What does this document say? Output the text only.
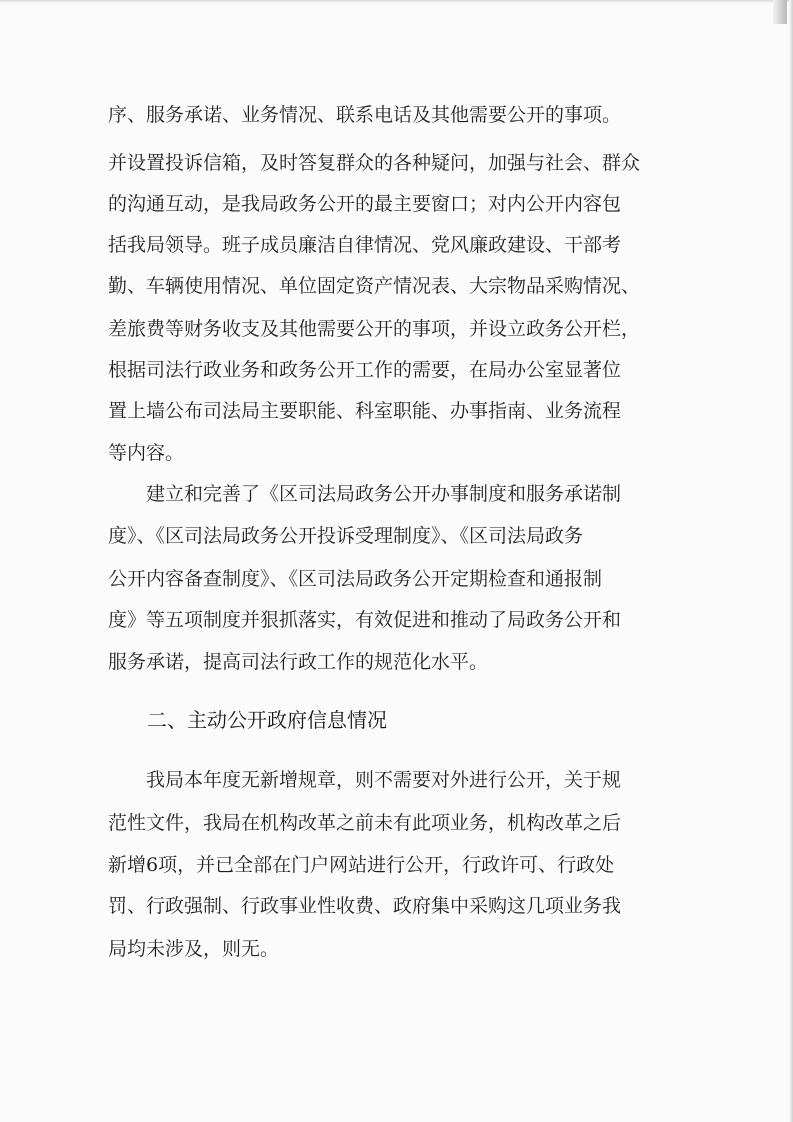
序、服务承诺、业务情况、联系电话及其他需要公开的事项。
并设置投诉信箱，及时答复群众的各种疑问，加强与社会、群众
的沟通互动，是我局政务公开的最主要窗口；对内公开内容包
括我局领导。班子成员廉洁自律情况、党风廉政建设、干部考
勤、车辆使用情况、单位固定资产情况表、大宗物品采购情况、
差旅费等财务收支及其他需要公开的事项，并设立政务公开栏，
根据司法行政业务和政务公开工作的需要，在局办公室显著位
置上墙公布司法局主要职能、科室职能、办事指南、业务流程
等内容。
建立和完善了《区司法局政务公开办事制度和服务承诺制
度》、《区司法局政务公开投诉受理制度》、《区司法局政务
公开内容备查制度》、《区司法局政务公开定期检查和通报制
度》等五项制度并狠抓落实，有效促进和推动了局政务公开和
服务承诺，提高司法行政工作的规范化水平。
二、主动公开政府信息情况
我局本年度无新增规章，则不需要对外进行公开，关于规
范性文件，我局在机构改革之前未有此项业务，机构改革之后
新增6项，并已全部在门户网站进行公开，行政许可、行政处
罚、行政强制、行政事业性收费、政府集中采购这几项业务我
局均未涉及，则无。
